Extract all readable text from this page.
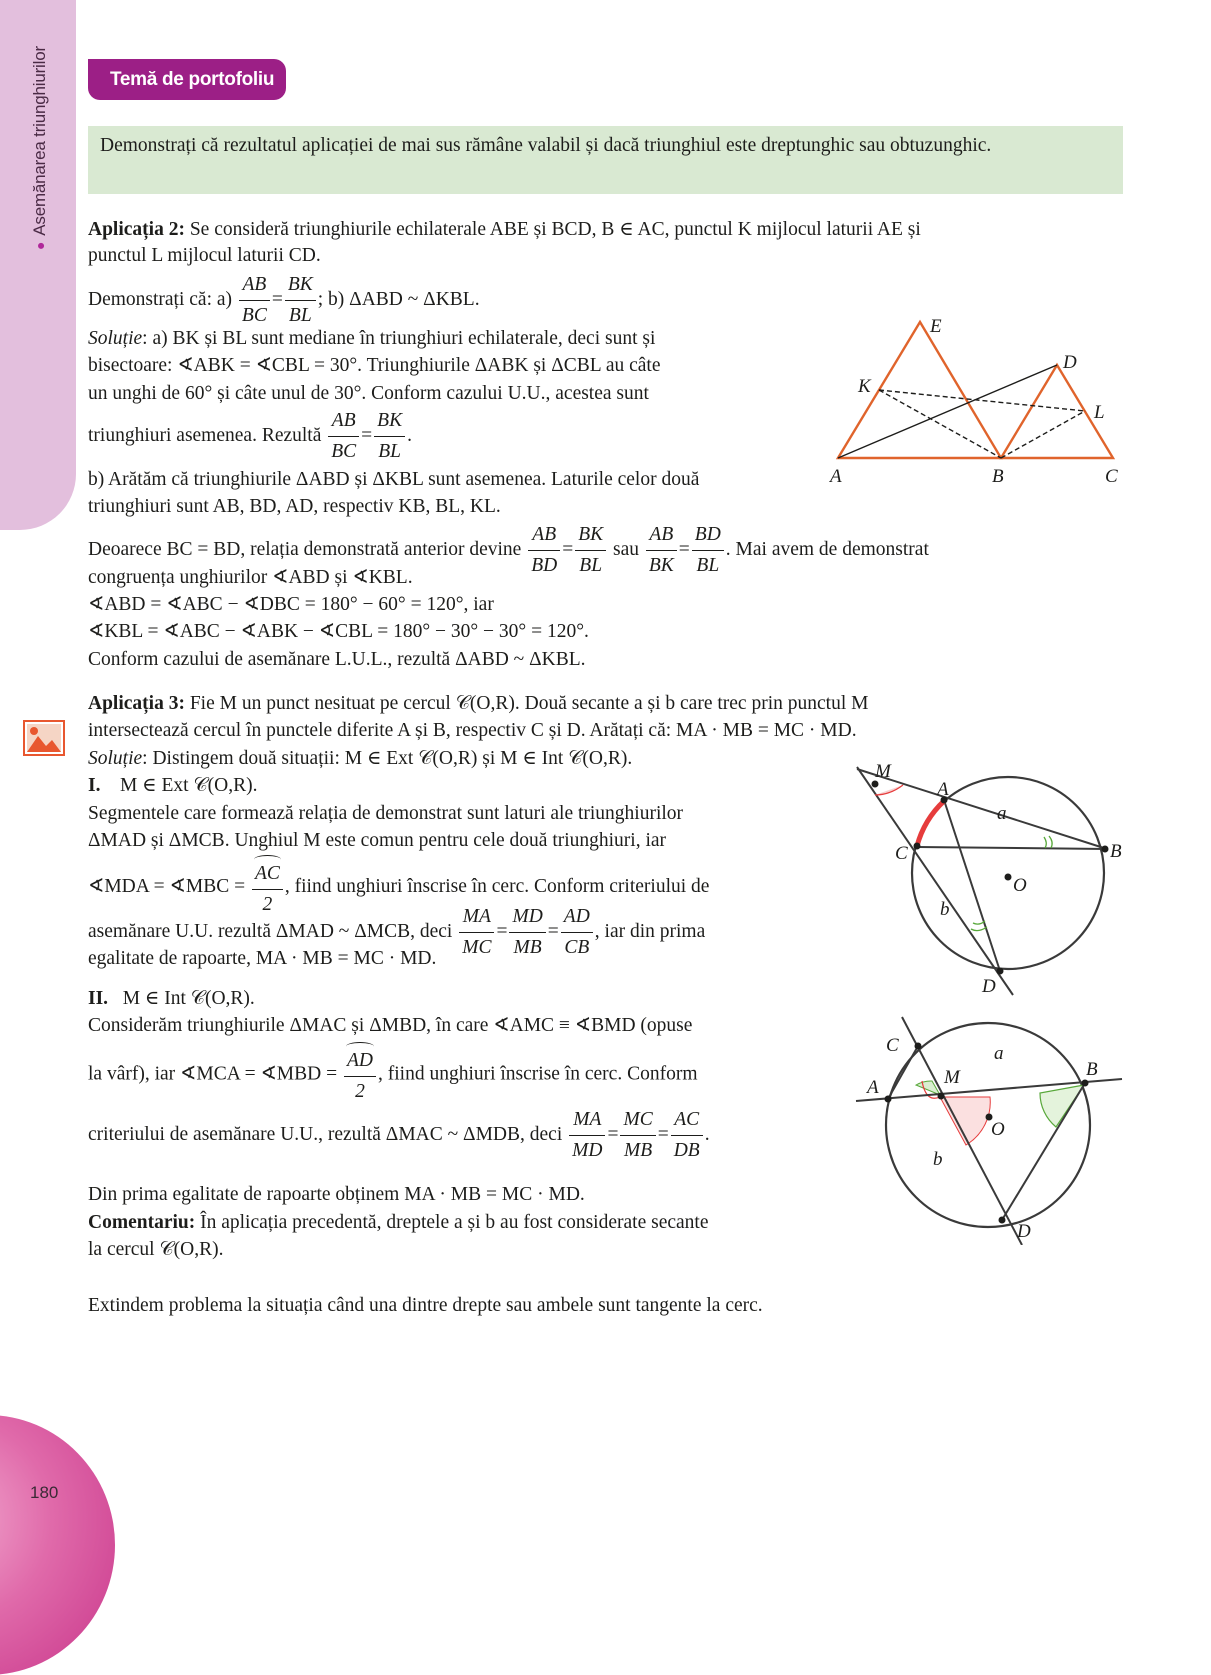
●Asemănarea triunghiurilor
180
Temă de portofoliu
Demonstrați că rezultatul aplicației de mai sus rămâne valabil și dacă triunghiul este dreptunghic sau obtuzunghic.
Aplicația 2: Se consideră triunghiurile echilaterale ABE și BCD, B ∈ AC, punctul K mijlocul laturii AE și
punctul L mijlocul laturii CD.
Demonstrați că: $a) \frac{AB}{BC} = \frac{BK}{BL}$ ; b) ΔABD ~ ΔKBL.
Soluție: a) BK și BL sunt mediane în triunghiuri echilaterale, deci sunt și
bisectoare: ∢ABK = ∢CBL = 30°. Triunghiurile ΔABK și ΔCBL au câte
un unghi de 60° și câte unul de 30°. Conform cazului U.U., acestea sunt
triunghiuri asemenea. Rezultă $\frac{AB}{BC} = \frac{BK}{BL}$ .
b) Arătăm că triunghiurile ΔABD și ΔKBL sunt asemenea. Laturile celor două
triunghiuri sunt AB, BD, AD, respectiv KB, BL, KL.
Deoarece BC = BD, relația demonstrată anterior devine $\frac{AB}{BD} = \frac{BK}{BL}$ sau $\frac{AB}{BK} = \frac{BD}{BL}$ . Mai avem de demonstrat
congruența unghiurilor ∢ABD și ∢KBL.
∢ABD = ∢ABC − ∢DBC = 180° − 60° = 120°, iar
∢KBL = ∢ABC − ∢ABK − ∢CBL = 180° − 30° − 30° = 120°.
Conform cazului de asemănare L.U.L., rezultă ΔABD ~ ΔKBL.
E
D
K
L
A	B	C
Aplicația 3: Fie M un punct nesituat pe cercul 𝒞(O,R). Două secante a și b care trec prin punctul M
intersectează cercul în punctele diferite A și B, respectiv C și D. Arătați că: MA · MB = MC · MD.
Soluție: Distingem două situații: M ∈ Ext 𝒞(O,R) și M ∈ Int 𝒞(O,R).
I. M ∈ Ext 𝒞(O,R).
Segmentele care formează relația de demonstrat sunt laturi ale triunghiurilor
ΔMAD și ΔMCB. Unghiul M este comun pentru cele două triunghiuri, iar
∢MDA = ∢MBC = $\frac{AC}{2}$ , fiind unghiuri înscrise în cerc. Conform criteriului de
asemănare U.U. rezultă ΔMAD ~ ΔMCB, deci $\frac{MA}{MC} = \frac{MD}{MB} = \frac{AD}{CB}$ , iar din prima
egalitate de rapoarte, MA · MB = MC · MD.
II. M ∈ Int 𝒞(O,R).
Considerăm triunghiurile ΔMAC și ΔMBD, în care ∢AMC ≡ ∢BMD (opuse
la vârf), iar ∢MCA = ∢MBD = $\frac{AD}{2}$ , fiind unghiuri înscrise în cerc. Conform
criteriului de asemănare U.U., rezultă ΔMAC ~ ΔMDB, deci $\frac{MA}{MD} = \frac{MC}{MB} = \frac{AC}{DB}$ .
Din prima egalitate de rapoarte obținem MA · MB = MC · MD.
Comentariu: În aplicația precedentă, dreptele a și b au fost considerate secante
la cercul 𝒞(O,R).
Extindem problema la situația când una dintre drepte sau ambele sunt tangente la cerc.
M
A
a
B
C
O
b
D
C	a
B
A	M
O
b
D
